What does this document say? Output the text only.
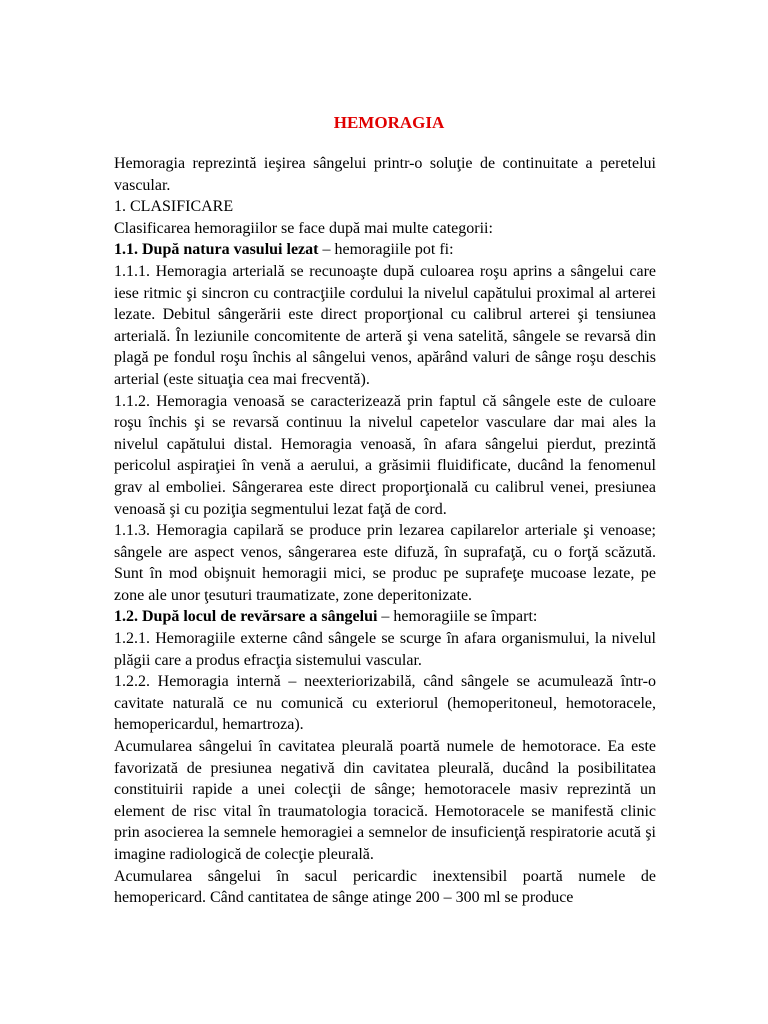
HEMORAGIA

Hemoragia reprezintă ieşirea sângelui printr-o soluţie de continuitate a peretelui vascular.

1. CLASIFICARE

Clasificarea hemoragiilor se face după mai multe categorii:

1.1. După natura vasului lezat – hemoragiile pot fi:

1.1.1. Hemoragia arterială se recunoaşte după culoarea roşu aprins a sângelui care iese ritmic şi sincron cu contracţiile cordului la nivelul capătului proximal al arterei lezate. Debitul sângerării este direct proporţional cu calibrul arterei şi tensiunea arterială. În leziunile concomitente de arteră şi vena satelită, sângele se revarsă din plagă pe fondul roşu închis al sângelui venos, apărând valuri de sânge roşu deschis arterial (este situaţia cea mai frecventă).

1.1.2. Hemoragia venoasă se caracterizează prin faptul că sângele este de culoare roşu închis şi se revarsă continuu la nivelul capetelor vasculare dar mai ales la nivelul capătului distal. Hemoragia venoasă, în afara sângelui pierdut, prezintă pericolul aspiraţiei în venă a aerului, a grăsimii fluidificate, ducând la fenomenul grav al emboliei. Sângerarea este direct proporţională cu calibrul venei, presiunea venoasă şi cu poziţia segmentului lezat faţă de cord.

1.1.3. Hemoragia capilară se produce prin lezarea capilarelor arteriale şi venoase; sângele are aspect venos, sângerarea este difuză, în suprafaţă, cu o forţă scăzută. Sunt în mod obişnuit hemoragii mici, se produc pe suprafeţe mucoase lezate, pe zone ale unor ţesuturi traumatizate, zone deperitonizate.

1.2. După locul de revărsare a sângelui – hemoragiile se împart:

1.2.1. Hemoragiile externe când sângele se scurge în afara organismului, la nivelul plăgii care a produs efracţia sistemului vascular.

1.2.2. Hemoragia internă – neexteriorizabilă, când sângele se acumulează într-o cavitate naturală ce nu comunică cu exteriorul (hemoperitoneul, hemotoracele, hemopericardul, hemartroza).

Acumularea sângelui în cavitatea pleurală poartă numele de hemotorace. Ea este favorizată de presiunea negativă din cavitatea pleurală, ducând la posibilitatea constituirii rapide a unei colecţii de sânge; hemotoracele masiv reprezintă un element de risc vital în traumatologia toracică. Hemotoracele se manifestă clinic prin asocierea la semnele hemoragiei a semnelor de insuficienţă respiratorie acută şi imagine radiologică de colecţie pleurală.

Acumularea sângelui în sacul pericardic inextensibil poartă numele de hemopericard. Când cantitatea de sânge atinge 200 – 300 ml se produce
